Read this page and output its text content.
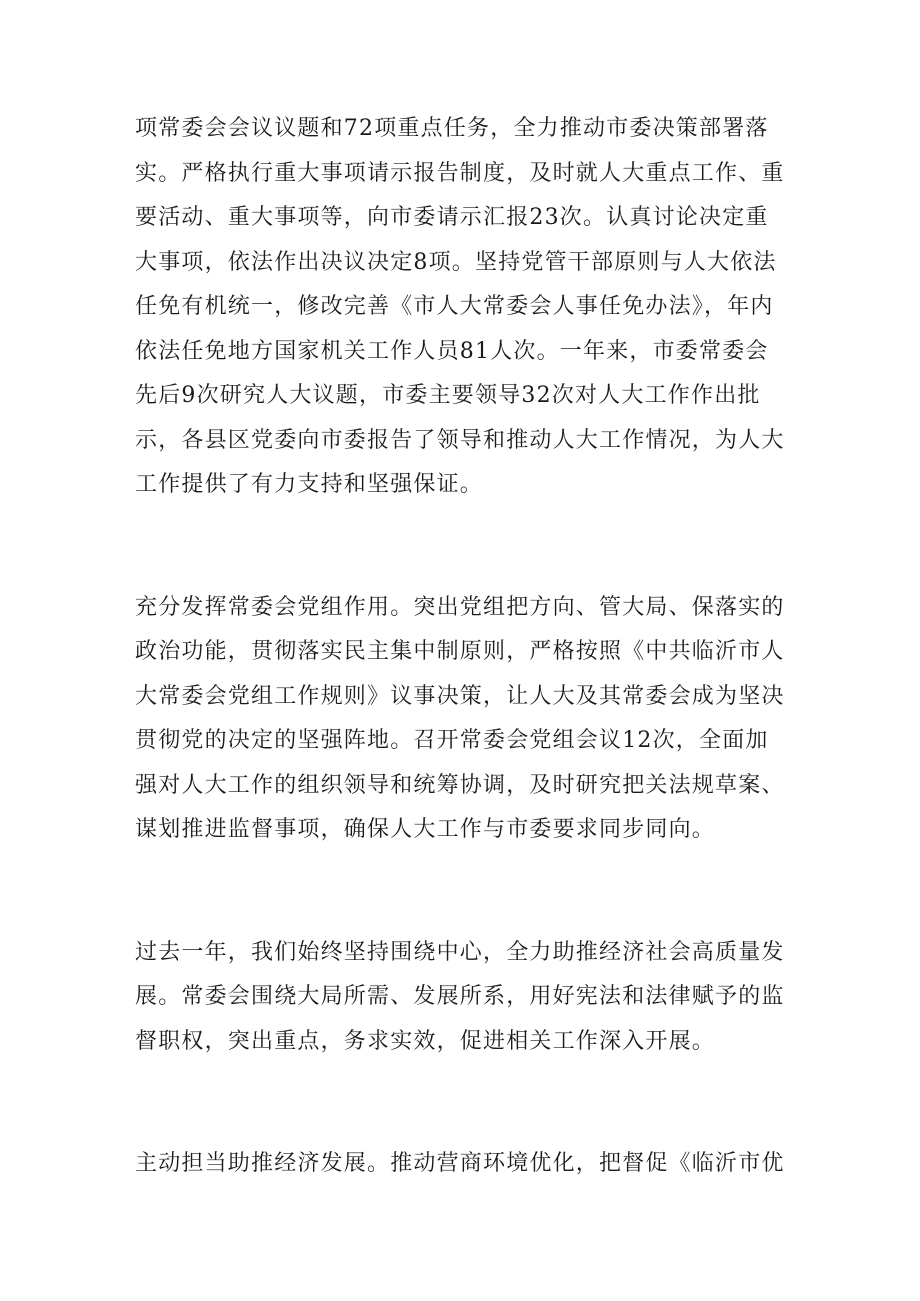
项常委会会议议题和72项重点任务，全力推动市委决策部署落
实。严格执行重大事项请示报告制度，及时就人大重点工作、重
要活动、重大事项等，向市委请示汇报23次。认真讨论决定重
大事项，依法作出决议决定8项。坚持党管干部原则与人大依法
任免有机统一，修改完善《市人大常委会人事任免办法》，年内
依法任免地方国家机关工作人员81人次。一年来，市委常委会
先后9次研究人大议题，市委主要领导32次对人大工作作出批
示，各县区党委向市委报告了领导和推动人大工作情况，为人大
工作提供了有力支持和坚强保证。

充分发挥常委会党组作用。突出党组把方向、管大局、保落实的
政治功能，贯彻落实民主集中制原则，严格按照《中共临沂市人
大常委会党组工作规则》议事决策，让人大及其常委会成为坚决
贯彻党的决定的坚强阵地。召开常委会党组会议12次，全面加
强对人大工作的组织领导和统筹协调，及时研究把关法规草案、
谋划推进监督事项，确保人大工作与市委要求同步同向。

过去一年，我们始终坚持围绕中心，全力助推经济社会高质量发
展。常委会围绕大局所需、发展所系，用好宪法和法律赋予的监
督职权，突出重点，务求实效，促进相关工作深入开展。

主动担当助推经济发展。推动营商环境优化，把督促《临沂市优
